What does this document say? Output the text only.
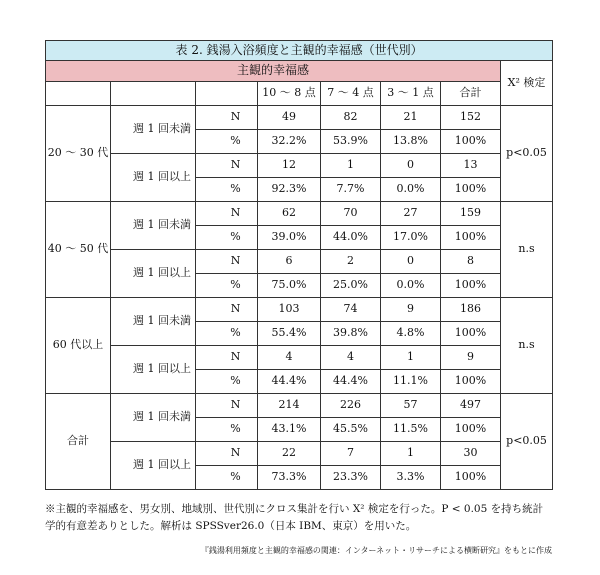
表 2. 銭湯入浴頻度と主観的幸福感（世代別）							
主観的幸福感							X² 検定
			10 ～ 8 点	7 ～ 4 点	3 ～ 1 点	合計	
20 ～ 30 代	週 1 回未満	N	49	82	21	152	p<0.05
		%	32.2%	53.9%	13.8%	100%	
	週 1 回以上	N	12	1	0	13	
		%	92.3%	7.7%	0.0%	100%	
40 ～ 50 代	週 1 回未満	N	62	70	27	159	n.s
		%	39.0%	44.0%	17.0%	100%	
	週 1 回以上	N	6	2	0	8	
		%	75.0%	25.0%	0.0%	100%	
60 代以上	週 1 回未満	N	103	74	9	186	n.s
		%	55.4%	39.8%	4.8%	100%	
	週 1 回以上	N	4	4	1	9	
		%	44.4%	44.4%	11.1%	100%	
合計	週 1 回未満	N	214	226	57	497	p<0.05
		%	43.1%	45.5%	11.5%	100%	
	週 1 回以上	N	22	7	1	30	
		%	73.3%	23.3%	3.3%	100%	
※主観的幸福感を、男女別、地域別、世代別にクロス集計を行い X² 検定を行った。P < 0.05 を持ち統計学的有意差ありとした。解析は SPSSver26.0（日本 IBM、東京）を用いた。
『銭湯利用頻度と主観的幸福感の関連：インターネット・リサーチによる横断研究』をもとに作成
